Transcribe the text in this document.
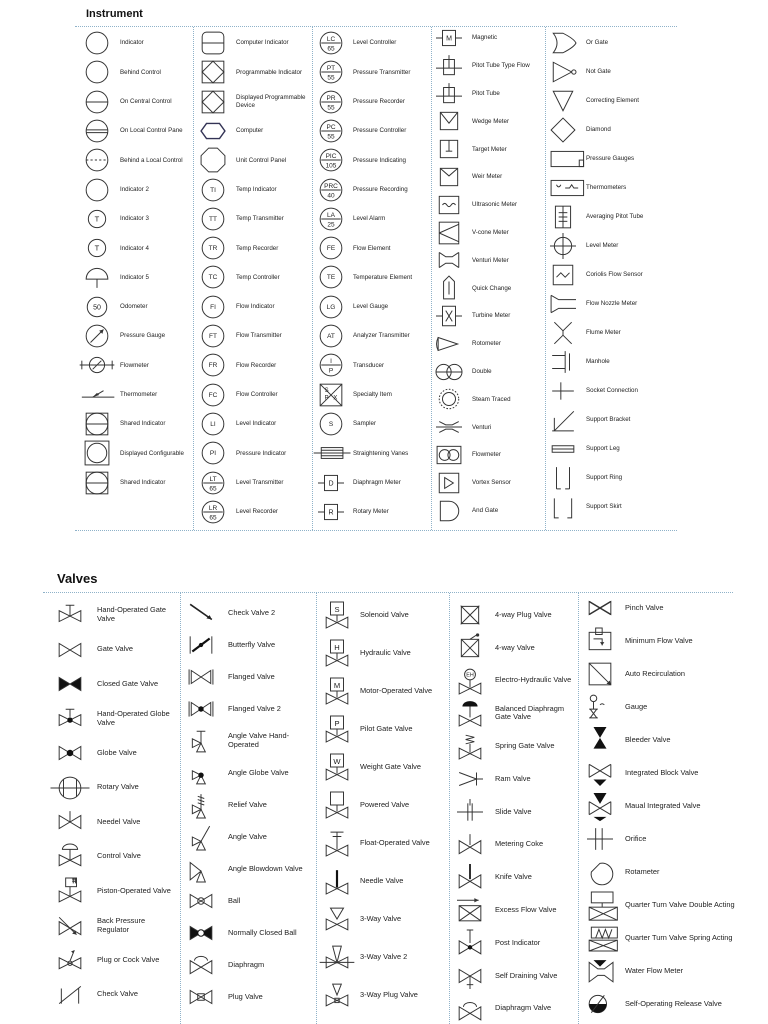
Instrument
Valves
Indicator
Behind Control
On Central Control
On Local Control Pane
Behind a Local Control
Indicator 2
T	Indicator 3
T	Indicator 4
Indicator 5
50	Odometer
Pressure Gauge
Flowmeter
Thermometer
Shared Indicator
Displayed Configurable
Shared Indicator
Computer Indicator
Programmable Indicator
Displayed Programmable Device
Computer
Unit Control Panel
TI	Temp Indicator
TT	Temp Transmitter
TR	Temp Recorder
TC	Temp Controller
FI	Flow Indicator
FT	Flow Transmitter
FR	Flow Recorder
FC	Flow Controller
LI	Level Indicator
PI	Pressure Indicator
LT
65
Level Transmitter
LR
65
Level Recorder
LC
65
Level Controller
PT
55
Pressure Transmitter
PR
55
Pressure Recorder
PC
55
Pressure Controller
PIC
105
Pressure Indicating
PRC
40
Pressure Recording
LA
25
Level Alarm
FE	Flow Element
TE	Temperature Element
LG	Level Gauge
AT	Analyzer Transmitter
I
P
Transducer
S
P X	Specialty Item
S	Sampler
Straightening Vanes
D	Diaphragm Meter
R	Rotary Meter
M	Magnetic
Pitot Tube Type Flow
Pitot Tube
Wedge Meter
Target Meter
Weir Meter
Ultrasonic Meter
V-cone Meter
Venturi Meter
Quick Change
Turbine Meter
Rotometer
Double
Steam Traced
Venturi
Flowmeter
Vortex Sensor
And Gate
Or Gate
Not Gate
Correcting Element
Diamond
Pressure Gauges
Thermometers
Averaging Pitot Tube
Level Meter
Coriolis Flow Sensor
Flow Nozzle Meter
Flume Meter
Manhole
Socket Connection
Support Bracket
Support Leg
Support Ring
Support Skirt
Hand-Operated Gate Valve
Gate Valve
Closed Gate Valve
Hand-Operated Globe Valve
Globe Valve
Rotary Valve
Needel Valve
Control Valve
Piston-Operated Valve
Back Pressure Regulator
Plug or Cock Valve
Check Valve
Check Valve 2
Butterfly Valve
Flanged Valve
Flanged Valve 2
Angle Valve Hand-Operated
Angle Globe Valve
Relief Valve
Angle Valve
Angle Blowdown Valve
Ball
Normally Closed Ball
Diaphragm
Plug Valve
S
Solenoid Valve
H
Hydraulic Valve
M
Motor-Operated Valve
P
Pilot Gate Valve
W
Weight Gate Valve
Powered Valve
Float-Operated Valve
Needle Valve
3-Way Valve
3-Way Valve 2
3-Way Plug Valve
4-way Plug Valve
4-way Valve
EH
Electro-Hydraulic Valve
Balanced Diaphragm Gate Valve
Spring Gate Valve
Ram Valve
Slide Valve
Metering Coke
Knife Valve
Excess Flow Valve
Post Indicator
Self Draining Valve
Diaphragm Valve
Pinch Valve
Minimum Flow Valve
Auto Recirculation
Gauge
Bleeder Valve
Integrated Block Valve
Maual Integrated Valve
Orifice
Rotameter
Quarter Turn Valve Double Acting
Quarter Turn Valve Spring Acting
Water Flow Meter
Self-Operating Release Valve
